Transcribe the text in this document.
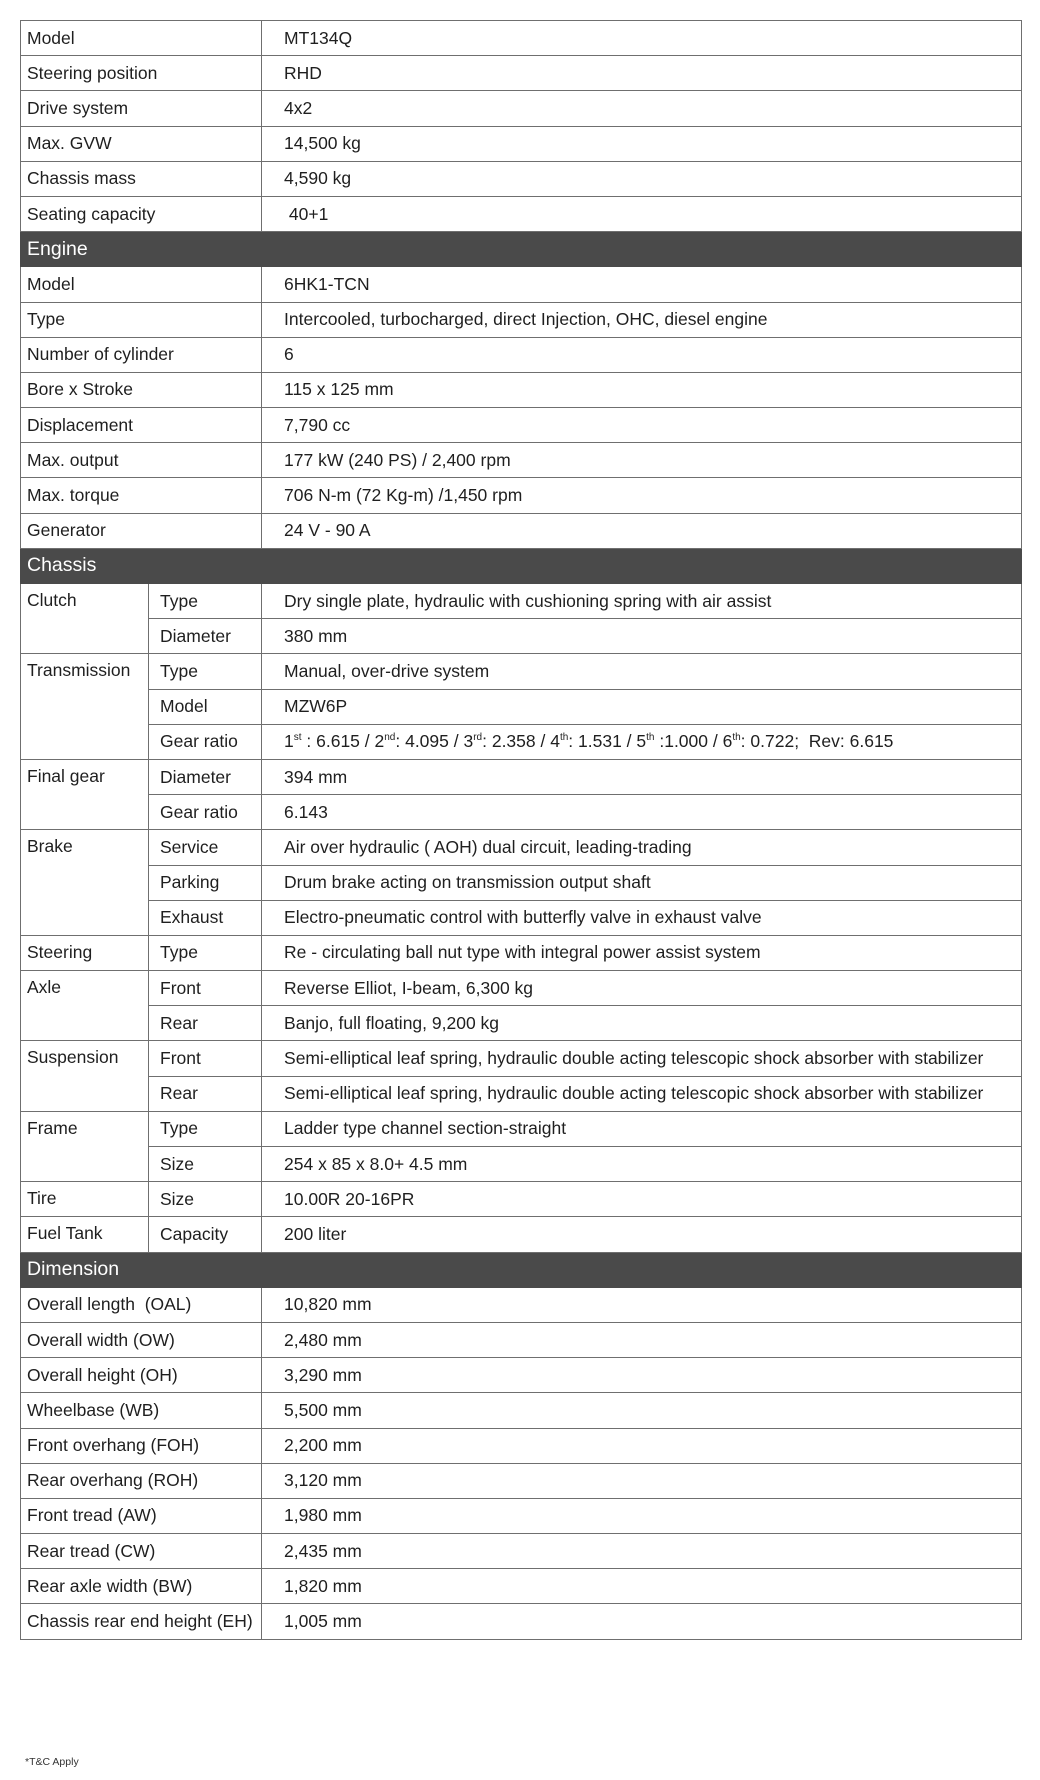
Model		MT134Q
Steering position		RHD
Drive system		4x2
Max. GVW		14,500 kg
Chassis mass		4,590 kg
Seating capacity		40+1
Engine		
Model		6HK1-TCN
Type		Intercooled, turbocharged, direct Injection, OHC, diesel engine
Number of cylinder		6
Bore x Stroke		115 x 125 mm
Displacement		7,790 cc
Max. output		177 kW (240 PS) / 2,400 rpm
Max. torque		706 N-m (72 Kg-m) /1,450 rpm
Generator		24 V - 90 A
Chassis		
Clutch	Type	Dry single plate, hydraulic with cushioning spring with air assist
	Diameter	380 mm
Transmission	Type	Manual, over-drive system
	Model	MZW6P
	Gear ratio	1st : 6.615 / 2nd: 4.095 / 3rd: 2.358 / 4th: 1.531 / 5th :1.000 / 6th: 0.722;  Rev: 6.615
Final gear	Diameter	394 mm
	Gear ratio	6.143
Brake	Service	Air over hydraulic ( AOH) dual circuit, leading-trading
	Parking	Drum brake acting on transmission output shaft
	Exhaust	Electro-pneumatic control with butterfly valve in exhaust valve
Steering	Type	Re - circulating ball nut type with integral power assist system
Axle	Front	Reverse Elliot, I-beam, 6,300 kg
	Rear	Banjo, full floating, 9,200 kg
Suspension	Front	Semi-elliptical leaf spring, hydraulic double acting telescopic shock absorber with stabilizer
	Rear	Semi-elliptical leaf spring, hydraulic double acting telescopic shock absorber with stabilizer
Frame	Type	Ladder type channel section-straight
	Size	254 x 85 x 8.0+ 4.5 mm
Tire	Size	10.00R 20-16PR
Fuel Tank	Capacity	200 liter
Dimension		
Overall length  (OAL)		10,820 mm
Overall width (OW)		2,480 mm
Overall height (OH)		3,290 mm
Wheelbase (WB)		5,500 mm
Front overhang (FOH)		2,200 mm
Rear overhang (ROH)		3,120 mm
Front tread (AW)		1,980 mm
Rear tread (CW)		2,435 mm
Rear axle width (BW)		1,820 mm
Chassis rear end height (EH)		1,005 mm
*T&C Apply
